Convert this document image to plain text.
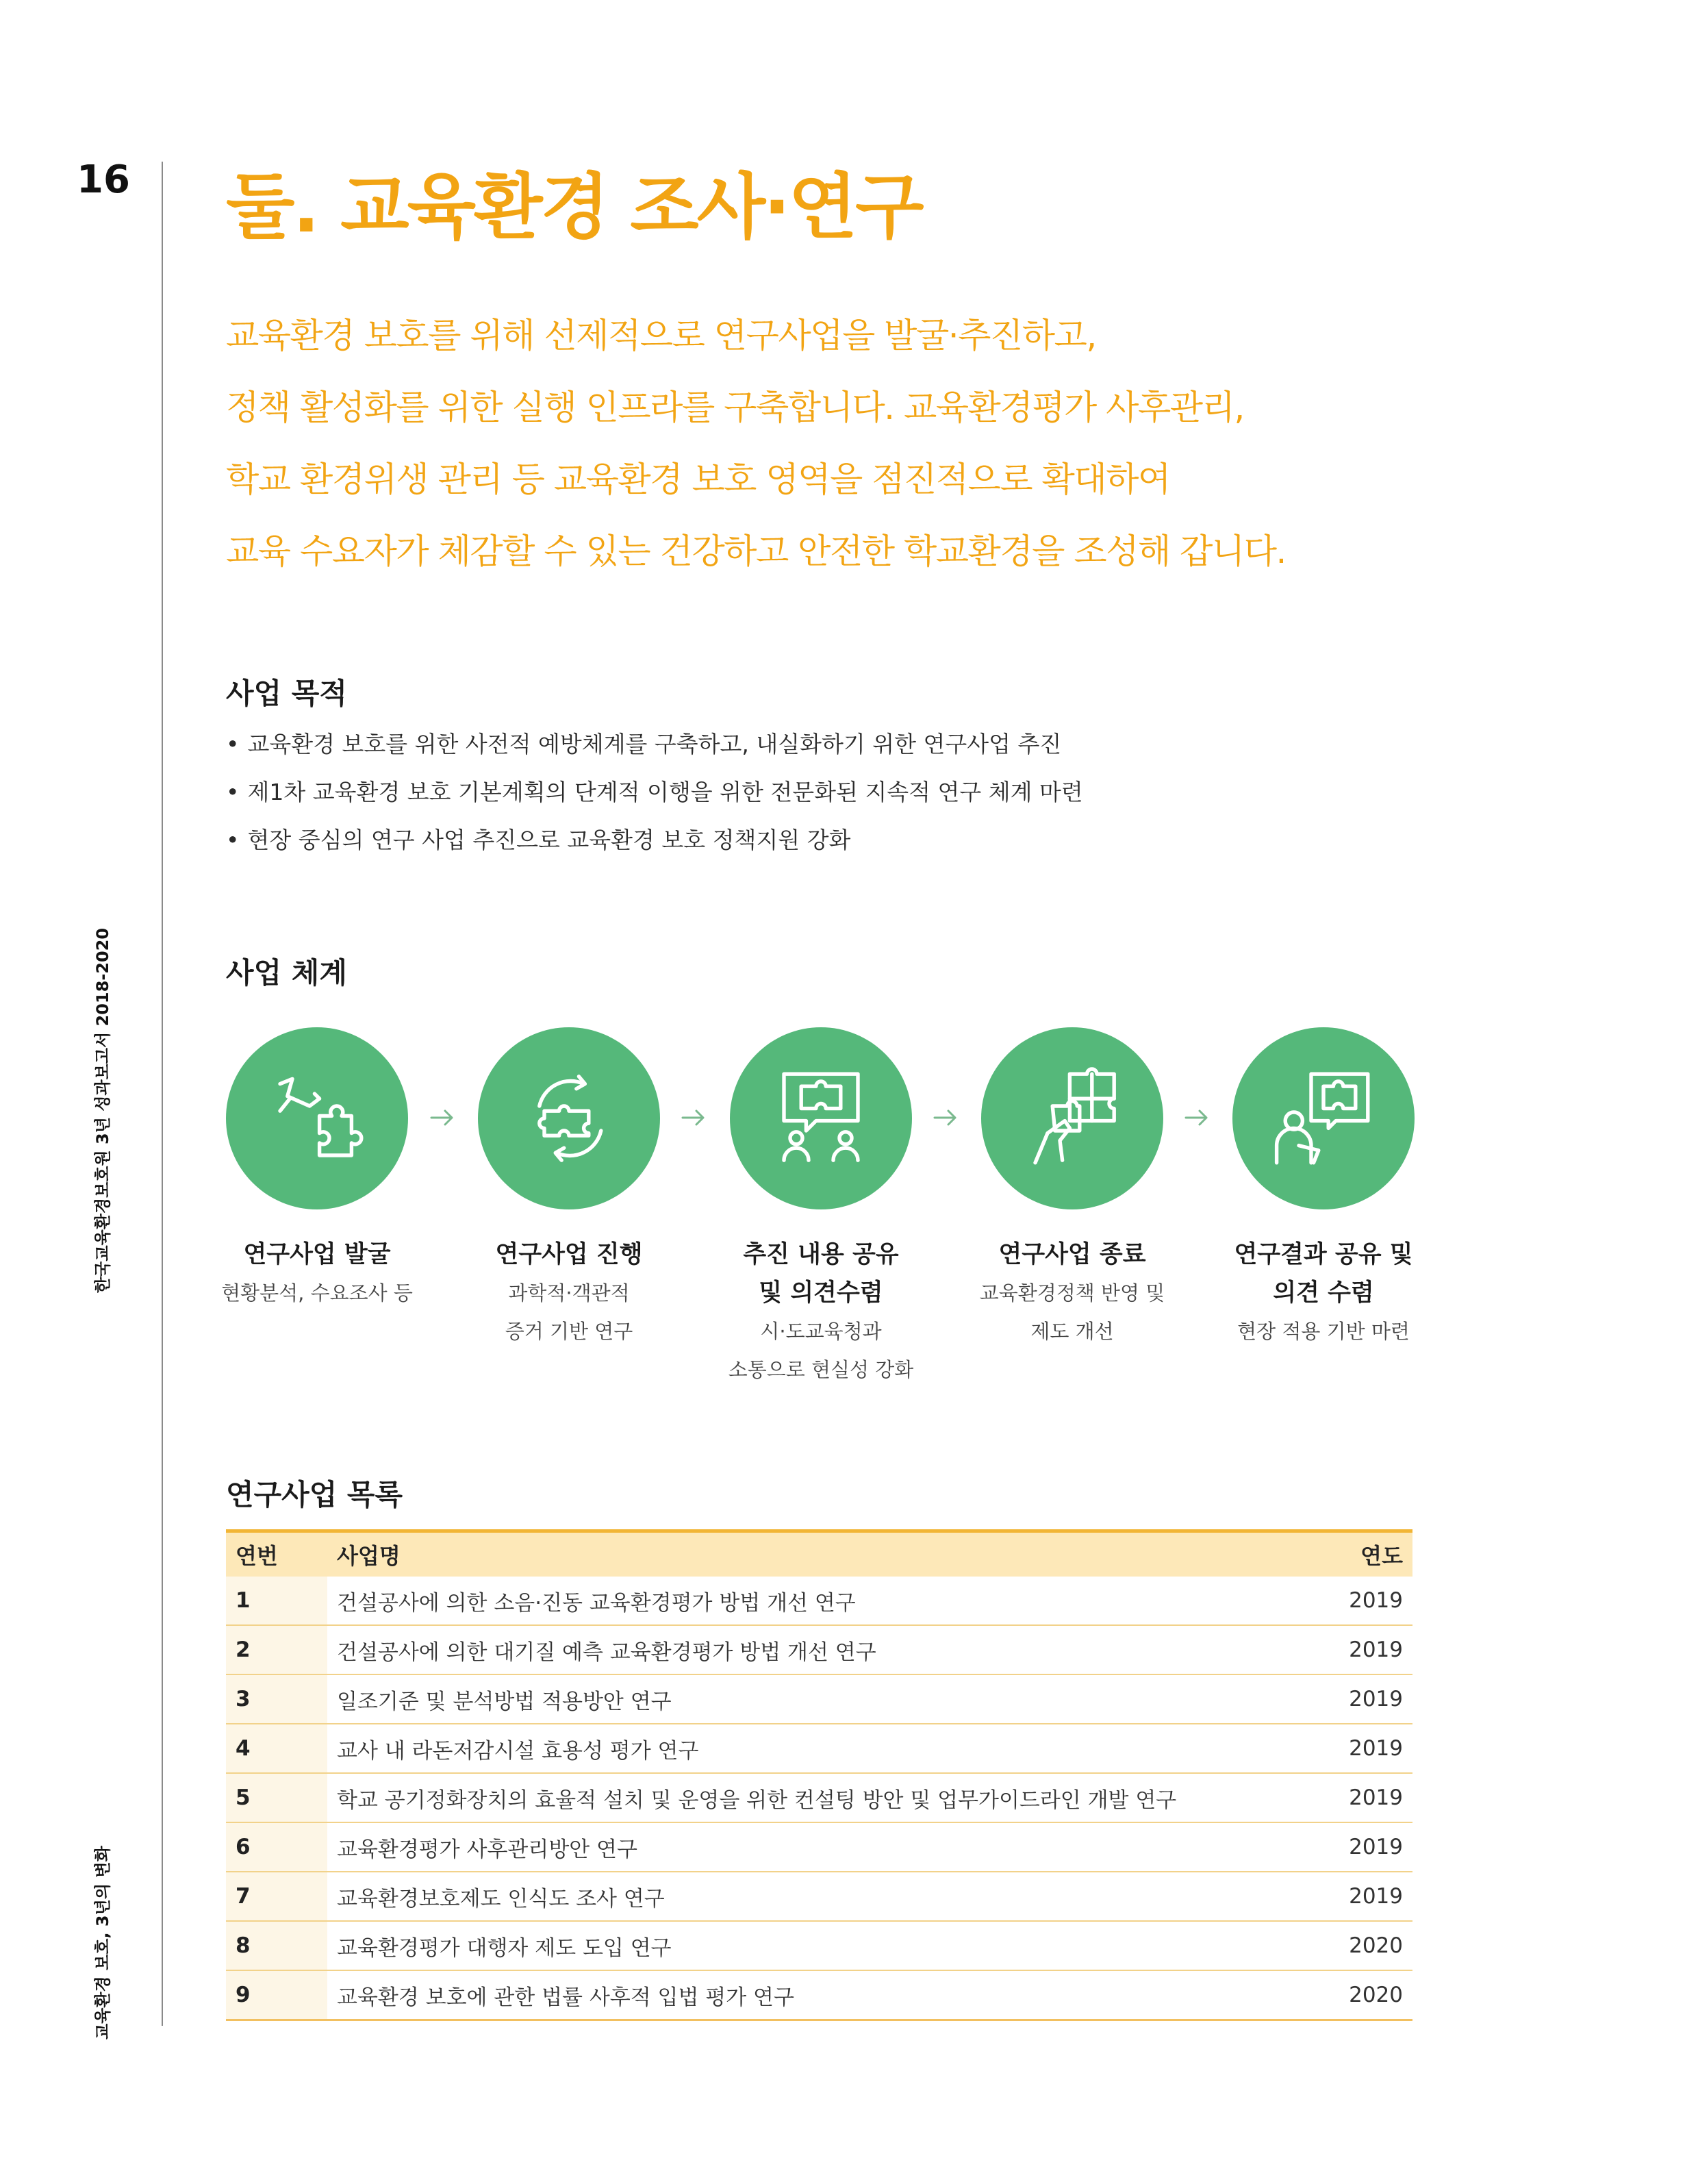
16
한국교육환경보호원 3년 성과보고서 2018-2020
교육환경 보호, 3년의 변화
둘. 교육환경 조사·연구
교육환경 보호를 위해 선제적으로 연구사업을 발굴·추진하고,
정책 활성화를 위한 실행 인프라를 구축합니다. 교육환경평가 사후관리,
학교 환경위생 관리 등 교육환경 보호 영역을 점진적으로 확대하여
교육 수요자가 체감할 수 있는 건강하고 안전한 학교환경을 조성해 갑니다.
사업 목적
• 교육환경 보호를 위한 사전적 예방체계를 구축하고, 내실화하기 위한 연구사업 추진
• 제1차 교육환경 보호 기본계획의 단계적 이행을 위한 전문화된 지속적 연구 체계 마련
• 현장 중심의 연구 사업 추진으로 교육환경 보호 정책지원 강화
사업 체계
연구사업 발굴
현황분석, 수요조사 등
연구사업 진행
과학적·객관적
증거 기반 연구
추진 내용 공유
및 의견수렴
시·도교육청과
소통으로 현실성 강화
연구사업 종료
교육환경정책 반영 및
제도 개선
연구결과 공유 및
의견 수렴
현장 적용 기반 마련
연구사업 목록
연번	사업명	연도
1	건설공사에 의한 소음·진동 교육환경평가 방법 개선 연구	2019
2	건설공사에 의한 대기질 예측 교육환경평가 방법 개선 연구	2019
3	일조기준 및 분석방법 적용방안 연구	2019
4	교사 내 라돈저감시설 효용성 평가 연구	2019
5	학교 공기정화장치의 효율적 설치 및 운영을 위한 컨설팅 방안 및 업무가이드라인 개발 연구	2019
6	교육환경평가 사후관리방안 연구	2019
7	교육환경보호제도 인식도 조사 연구	2019
8	교육환경평가 대행자 제도 도입 연구	2020
9	교육환경 보호에 관한 법률 사후적 입법 평가 연구	2020
